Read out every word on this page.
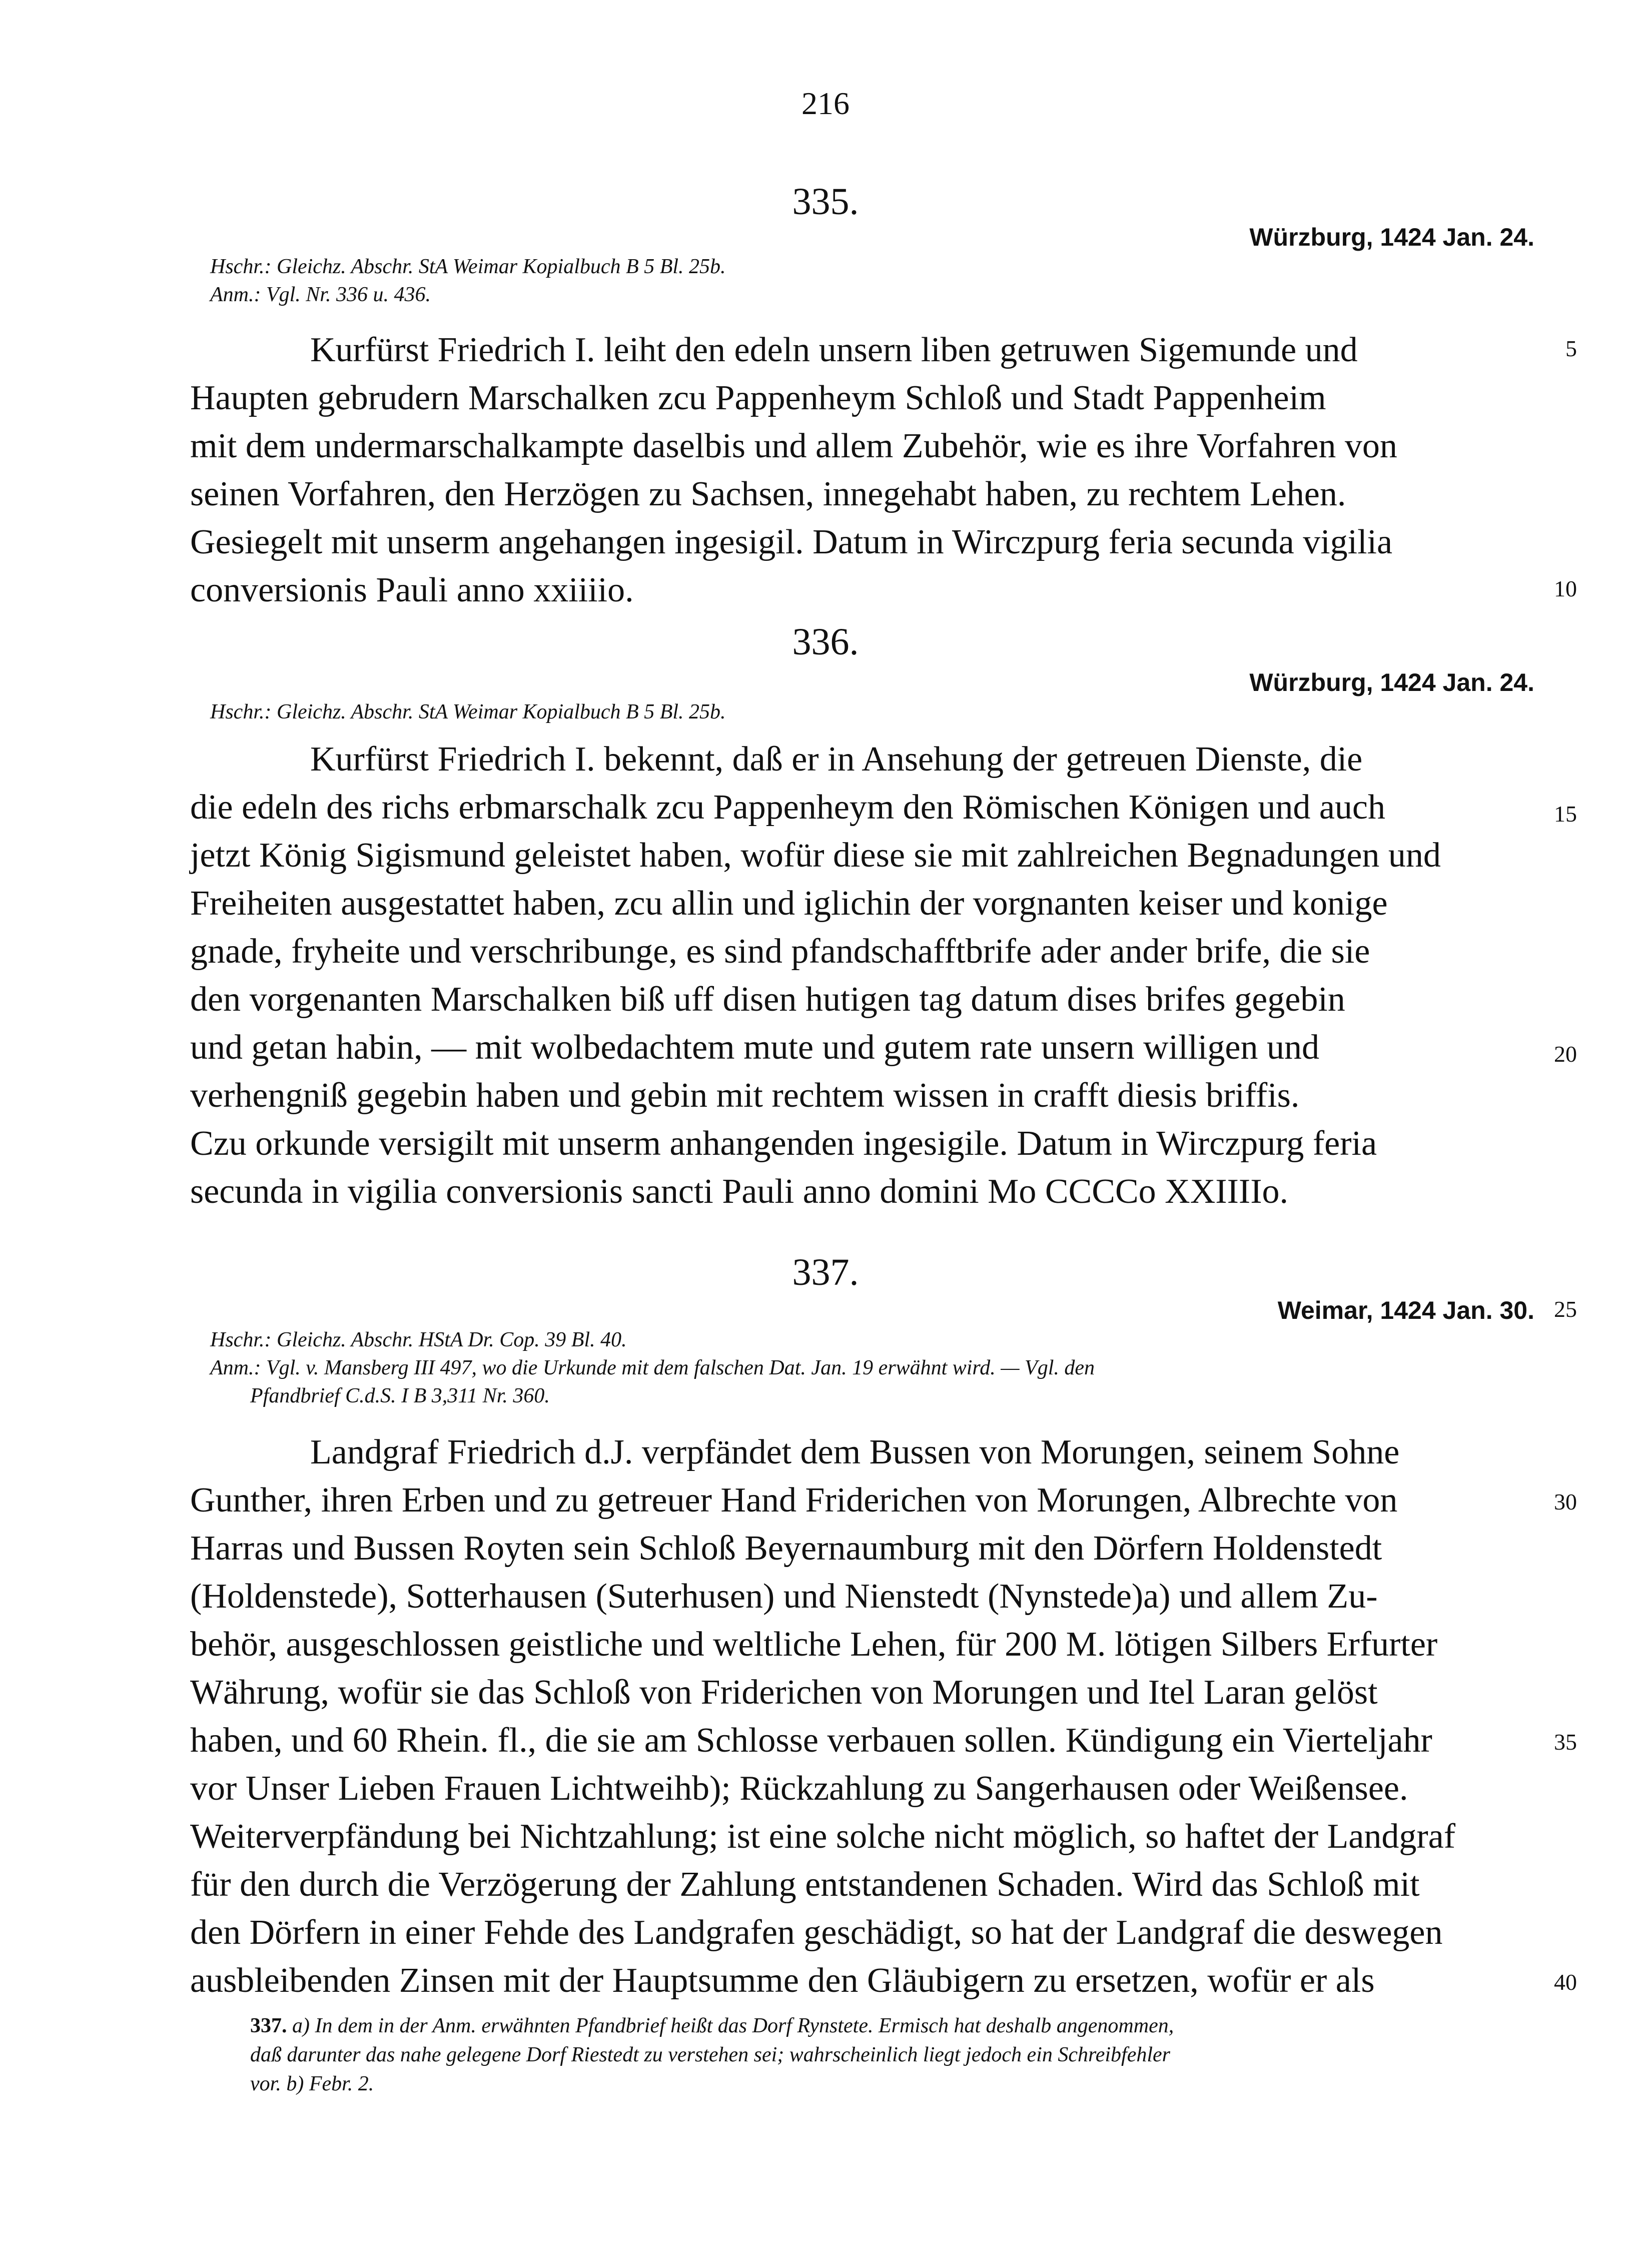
216
335.
Würzburg, 1424 Jan. 24.
Hschr.: Gleichz. Abschr. StA Weimar Kopialbuch B 5 Bl. 25b.
Anm.: Vgl. Nr. 336 u. 436.
Kurfürst Friedrich I. leiht den edeln unsern liben getruwen Sigemunde und
Haupten gebrudern Marschalken zcu Pappenheym Schloß und Stadt Pappenheim
mit dem undermarschalkampte daselbis und allem Zubehör, wie es ihre Vorfahren von
seinen Vorfahren, den Herzögen zu Sachsen, innegehabt haben, zu rechtem Lehen.
Gesiegelt mit unserm angehangen ingesigil. Datum in Wirczpurg feria secunda vigilia
conversionis Pauli anno xxiiiio.
336.
Würzburg, 1424 Jan. 24.
Hschr.: Gleichz. Abschr. StA Weimar Kopialbuch B 5 Bl. 25b.
Kurfürst Friedrich I. bekennt, daß er in Ansehung der getreuen Dienste, die
die edeln des richs erbmarschalk zcu Pappenheym den Römischen Königen und auch
jetzt König Sigismund geleistet haben, wofür diese sie mit zahlreichen Begnadungen und
Freiheiten ausgestattet haben, zcu allin und iglichin der vorgnanten keiser und konige
gnade, fryheite und verschribunge, es sind pfandschafftbrife ader ander brife, die sie
den vorgenanten Marschalken biß uff disen hutigen tag datum dises brifes gegebin
und getan habin, — mit wolbedachtem mute und gutem rate unsern willigen und
verhengniß gegebin haben und gebin mit rechtem wissen in crafft diesis briffis.
Czu orkunde versigilt mit unserm anhangenden ingesigile. Datum in Wirczpurg feria
secunda in vigilia conversionis sancti Pauli anno domini Mo CCCCo XXIIIIo.
337.
Weimar, 1424 Jan. 30.
Hschr.: Gleichz. Abschr. HStA Dr. Cop. 39 Bl. 40.
Anm.: Vgl. v. Mansberg III 497, wo die Urkunde mit dem falschen Dat. Jan. 19 erwähnt wird. — Vgl. den
Pfandbrief C.d.S. I B 3,311 Nr. 360.
Landgraf Friedrich d.J. verpfändet dem Bussen von Morungen, seinem Sohne
Gunther, ihren Erben und zu getreuer Hand Friderichen von Morungen, Albrechte von
Harras und Bussen Royten sein Schloß Beyernaumburg mit den Dörfern Holdenstedt
(Holdenstede), Sotterhausen (Suterhusen) und Nienstedt (Nynstede)a) und allem Zu-
behör, ausgeschlossen geistliche und weltliche Lehen, für 200 M. lötigen Silbers Erfurter
Währung, wofür sie das Schloß von Friderichen von Morungen und Itel Laran gelöst
haben, und 60 Rhein. fl., die sie am Schlosse verbauen sollen. Kündigung ein Vierteljahr
vor Unser Lieben Frauen Lichtweihb); Rückzahlung zu Sangerhausen oder Weißensee.
Weiterverpfändung bei Nichtzahlung; ist eine solche nicht möglich, so haftet der Landgraf
für den durch die Verzögerung der Zahlung entstandenen Schaden. Wird das Schloß mit
den Dörfern in einer Fehde des Landgrafen geschädigt, so hat der Landgraf die deswegen
ausbleibenden Zinsen mit der Hauptsumme den Gläubigern zu ersetzen, wofür er als
5
10
15
20
25
30
35
40
337. a) In dem in der Anm. erwähnten Pfandbrief heißt das Dorf Rynstete. Ermisch hat deshalb angenommen,
daß darunter das nahe gelegene Dorf Riestedt zu verstehen sei; wahrscheinlich liegt jedoch ein Schreibfehler
vor. b) Febr. 2.
